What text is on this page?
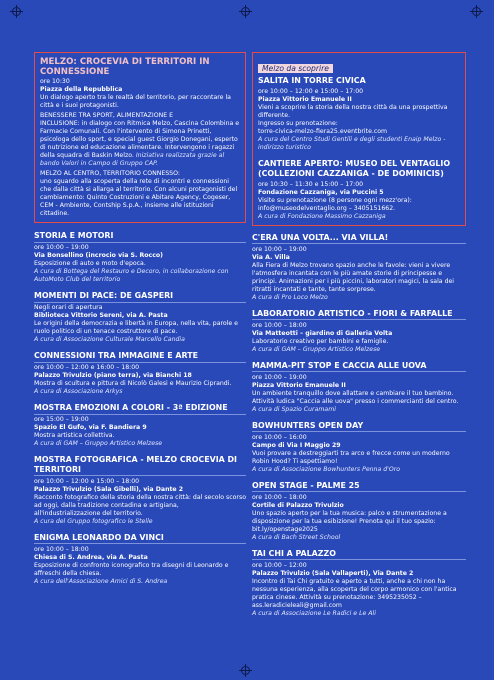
MELZO: CROCEVIA DI TERRITORI IN CONNESSIONE
ore 10:30
Piazza della Repubblica
Un dialogo aperto tra le realtà del territorio, per raccontare la città e i suoi protagonisti.
BENESSERE TRA SPORT, ALIMENTAZIONE E
INCLUSIONE: in dialogo con Ritmica Melzo, Cascina Colombina e Farmacie Comunali. Con l'intervento di Simona Prinetti, psicologa dello sport, e special guest Giorgio Donegani, esperto di nutrizione ed educazione alimentare. Intervengono i ragazzi della squadra di Baskin Melzo. Iniziativa realizzata grazie al bando Valori in Campo di Gruppo CAP.
MELZO AL CENTRO, TERRITORIO CONNESSO:
uno sguardo alla scoperta della rete di incontri e connessioni che dalla città si allarga al territorio. Con alcuni protagonisti del cambiamento: Quinto Costruzioni e Abitare Agency, Cogeser, CEM - Ambiente, Contship S.p.A., insieme alle istituzioni cittadine.
STORIA E MOTORI
ore 10:00 – 19:00
Via Bonsellino (incrocio via S. Rocco)
Esposizione di auto e moto d'epoca.
A cura di Bottega del Restauro e Decoro, in collaborazione con AutoMoto Club del territorio
MOMENTI DI PACE: DE GASPERI
Negli orari di apertura
Biblioteca Vittorio Sereni, via A. Pasta
Le origini della democrazia e libertà in Europa, nella vita, parole e ruolo politico di un tenace costruttore di pace.
A cura di Associazione Culturale Marcello Candia
CONNESSIONI TRA IMMAGINE E ARTE
ore 10:00 – 12:00 e 16:00 – 18:00
Palazzo Trivulzio (piano terra), via Bianchi 18
Mostra di scultura e pittura di Nicolò Galesi e Maurizio Ciprandi.
A cura di Associazione Arkys
MOSTRA EMOZIONI A COLORI - 3ª EDIZIONE
ore 15:00 – 19:00
Spazio El Gufo, via F. Bandiera 9
Mostra artistica collettiva.
A cura di GAM – Gruppo Artistico Melzese
MOSTRA FOTOGRAFICA - MELZO CROCEVIA DI TERRITORI
ore 10:00 – 12:00 e 15:00 – 18:00
Palazzo Trivulzio (Sala Gibelli), via Dante 2
Racconto fotografico della storia della nostra città: dal secolo scorso ad oggi, dalla tradizione contadina e artigiana, all'industrializzazione del territorio.
A cura del Gruppo fotografico le Stelle
ENIGMA LEONARDO DA VINCI
ore 10:00 – 18:00
Chiesa di S. Andrea, via A. Pasta
Esposizione di confronto iconografico tra disegni di Leonardo e affreschi della chiesa.
A cura dell'Associazione Amici di S. Andrea
Melzo da scoprire
SALITA IN TORRE CIVICA
ore 10:00 – 12:00 e 15:00 – 17:00
Piazza Vittorio Emanuele II
Vieni a scoprire la storia della nostra città da una prospettiva differente.
Ingresso su prenotazione:
torre-civica-melzo-fiera25.eventbrite.com
A cura del Centro Studi Gentili e degli studenti Enaip Melzo - indirizzo turistico
CANTIERE APERTO: MUSEO DEL VENTAGLIO (COLLEZIONI CAZZANIGA - DE DOMINICIS)
ore 10:30 – 11:30 e 15:00 – 17:00
Fondazione Cazzaniga, via Puccini 5
Visite su prenotazione (8 persone ogni mezz'ora): info@museodelventaglio.org – 3405151662.
A cura di Fondazione Massimo Cazzaniga
C'ERA UNA VOLTA... VIA VILLA!
ore 10:00 – 19:00
Via A. Villa
Alla Fiera di Melzo trovano spazio anche le favole: vieni a vivere l'atmosfera incantata con le più amate storie di principesse e principi. Animazioni per i più piccini, laboratori magici, la sala dei ritratti incantati e tante, tante sorprese.
A cura di Pro Loco Melzo
LABORATORIO ARTISTICO - FIORI & FARFALLE
ore 10:00 – 18:00
Via Matteotti – giardino di Galleria Volta
Laboratorio creativo per bambini e famiglie.
A cura di GAM – Gruppo Artistico Melzese
MAMMA-PIT STOP E CACCIA ALLE UOVA
ore 10:00 – 19:00
Piazza Vittorio Emanuele II
Un ambiente tranquillo dove allattare e cambiare il tuo bambino. Attività ludica "Caccia alle uova" presso i commercianti del centro.
A cura di Spazio Curamamì
BOWHUNTERS OPEN DAY
ore 10:00 – 16:00
Campo di Via I Maggio 29
Vuoi provare a destreggiarti tra arco e frecce come un moderno Robin Hood? Ti aspettiamo!
A cura di Associazione Bowhunters Penna d'Oro
OPEN STAGE - PALME 25
ore 10:00 – 18:00
Cortile di Palazzo Trivulzio
Uno spazio aperto per la tua musica: palco e strumentazione a disposizione per la tua esibizione! Prenota qui il tuo spazio: bit.ly/openstage2025
A cura di Bach Street School
TAI CHI A PALAZZO
ore 10:00 – 12:00
Palazzo Trivulzio (Sala Vallaperti), Via Dante 2
Incontro di Tai Chi gratuito e aperto a tutti, anche a chi non ha nessuna esperienza, alla scoperta del corpo armonico con l'antica pratica cinese. Attività su prenotazione: 3495235052 – ass.leradicieleali@gmail.com
A cura di Associazione Le Radici e Le Ali
